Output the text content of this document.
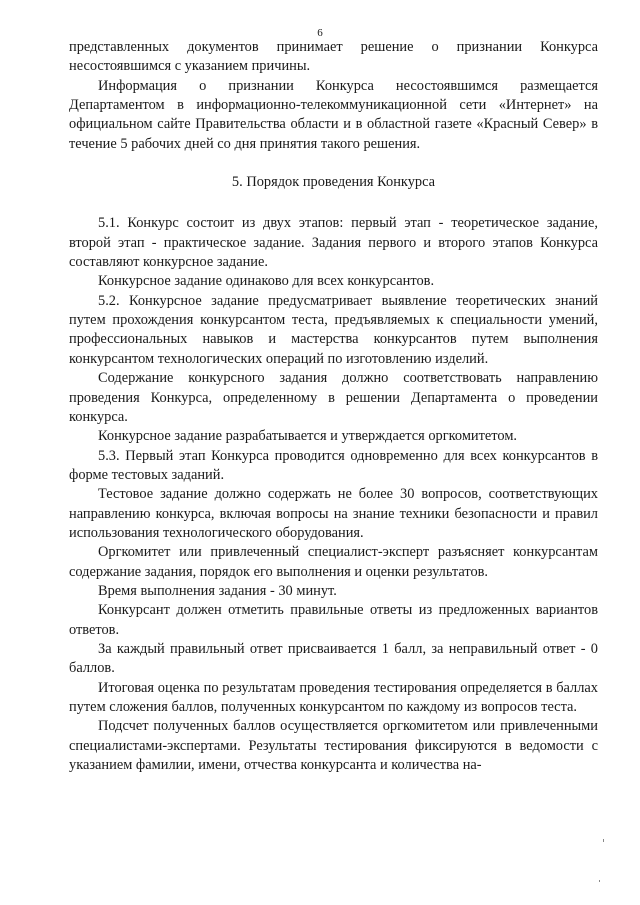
6

представленных документов принимает решение о признании Конкурса несостоявшимся с указанием причины.

Информация о признании Конкурса несостоявшимся размещается Департаментом в информационно-телекоммуникационной сети «Интернет» на официальном сайте Правительства области и в областной газете «Красный Север» в течение 5 рабочих дней со дня принятия такого решения.

5. Порядок проведения Конкурса

5.1. Конкурс состоит из двух этапов: первый этап - теоретическое задание, второй этап - практическое задание. Задания первого и второго этапов Конкурса составляют конкурсное задание.

Конкурсное задание одинаково для всех конкурсантов.

5.2. Конкурсное задание предусматривает выявление теоретических знаний путем прохождения конкурсантом теста, предъявляемых к специальности умений, профессиональных навыков и мастерства конкурсантов путем выполнения конкурсантом технологических операций по изготовлению изделий.

Содержание конкурсного задания должно соответствовать направлению проведения Конкурса, определенному в решении Департамента о проведении конкурса.

Конкурсное задание разрабатывается и утверждается оргкомитетом.

5.3. Первый этап Конкурса проводится одновременно для всех конкурсантов в форме тестовых заданий.

Тестовое задание должно содержать не более 30 вопросов, соответствующих направлению конкурса, включая вопросы на знание техники безопасности и правил использования технологического оборудования.

Оргкомитет или привлеченный специалист-эксперт разъясняет конкурсантам содержание задания, порядок его выполнения и оценки результатов.

Время выполнения задания - 30 минут.

Конкурсант должен отметить правильные ответы из предложенных вариантов ответов.

За каждый правильный ответ присваивается 1 балл, за неправильный ответ - 0 баллов.

Итоговая оценка по результатам проведения тестирования определяется в баллах путем сложения баллов, полученных конкурсантом по каждому из вопросов теста.

Подсчет полученных баллов осуществляется оргкомитетом или привлеченными специалистами-экспертами. Результаты тестирования фиксируются в ведомости с указанием фамилии, имени, отчества конкурсанта и количества на-
